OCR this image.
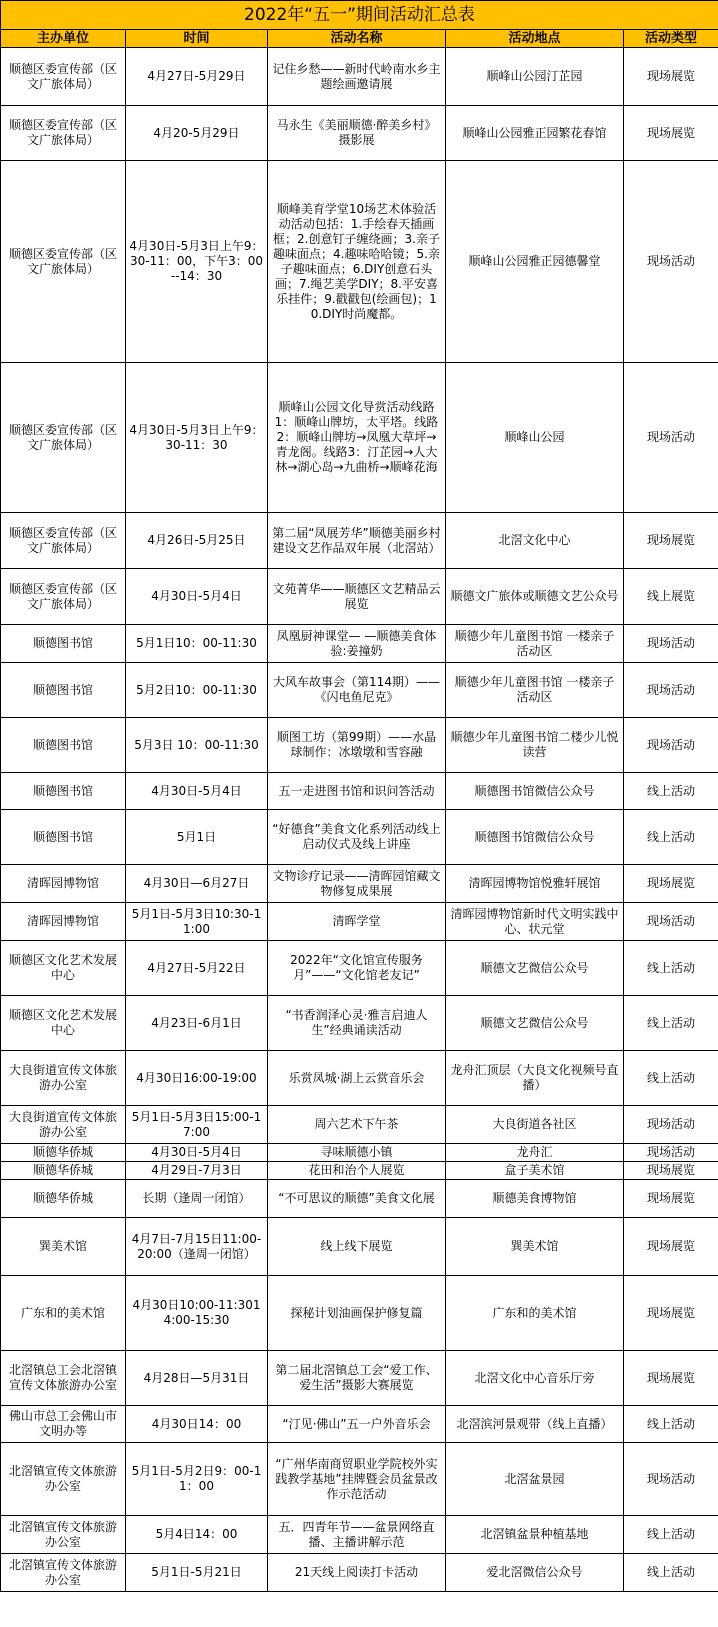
2022年“五一”期间活动汇总表				
主办单位	时间	活动名称	活动地点	活动类型
顺德区委宣传部（区文广旅体局）	4月27日-5月29日	记住乡愁——新时代岭南水乡主题绘画邀请展	顺峰山公园汀芷园	现场展览
顺德区委宣传部（区文广旅体局）	4月20-5月29日	马永生《美丽顺德·醉美乡村》摄影展	顺峰山公园雅正园繁花春馆	现场展览
顺德区委宣传部（区文广旅体局）	4月30日-5月3日上午9：30-11：00，下午3：00--14：30	顺峰美育学堂10场艺术体验活动活动包括：1.手绘春天插画框；2.创意钉子缠绕画；3.亲子趣味面点；4.趣味哈哈镜；5.亲子趣味面点；6.DIY创意石头画；7.绳艺美学DIY；8.平安喜乐挂件；9.戳戳包(绘画包)；10.DIY时尚魔都。	顺峰山公园雅正园德馨堂	现场活动
顺德区委宣传部（区文广旅体局）	4月30日-5月3日上午9：30-11：30	顺峰山公园文化导赏活动线路1：顺峰山牌坊，太平塔。线路2：顺峰山牌坊→凤凰大草坪→青龙阁。线路3：汀芷园→人大林→湖心岛→九曲桥→顺峰花海	顺峰山公园	现场活动
顺德区委宣传部（区文广旅体局）	4月26日-5月25日	第二届“凤展芳华”顺德美丽乡村建设文艺作品双年展（北滘站）	北滘文化中心	现场展览
顺德区委宣传部（区文广旅体局）	4月30日-5月4日	文苑菁华——顺德区文艺精品云展览	顺德文广旅体或顺德文艺公众号	线上展览
顺德图书馆	5月1日10：00-11:30	凤凰厨神课堂— —顺德美食体验:姜撞奶	顺德少年儿童图书馆 一楼亲子活动区	现场活动
顺德图书馆	5月2日10：00-11:30	大风车故事会（第114期）——《闪电鱼尼克》	顺德少年儿童图书馆 一楼亲子活动区	现场活动
顺德图书馆	5月3日 10：00-11:30	顺图工坊（第99期）——水晶球制作：冰墩墩和雪容融	顺德少年儿童图书馆二楼少儿悦读营	现场活动
顺德图书馆	4月30日-5月4日	五一走进图书馆和识问答活动	顺德图书馆微信公众号	线上活动
顺德图书馆	5月1日	“好德食”美食文化系列活动线上启动仪式及线上讲座	顺德图书馆微信公众号	线上活动
清晖园博物馆	4月30日—6月27日	文物诊疗记录——清晖园馆藏文物修复成果展	清晖园博物馆悦雅轩展馆	现场展览
清晖园博物馆	5月1日-5月3日10:30-11:00	清晖学堂	清晖园博物馆新时代文明实践中心、状元堂	现场活动
顺德区文化艺术发展中心	4月27日-5月22日	2022年“文化馆宣传服务月”——“文化馆老友记”	顺德文艺微信公众号	线上活动
顺德区文化艺术发展中心	4月23日-6月1日	“书香润泽心灵·雅言启迪人生”经典诵读活动	顺德文艺微信公众号	线上活动
大良街道宣传文体旅游办公室	4月30日16:00-19:00	乐赏凤城·湖上云赏音乐会	龙舟汇顶层（大良文化视频号直播）	线上活动
大良街道宣传文体旅游办公室	5月1日-5月3日15:00-17:00	周六艺术下午茶	大良街道各社区	现场活动
顺德华侨城	4月30日-5月4日	寻味顺德小镇	龙舟汇	现场活动
顺德华侨城	4月29日-7月3日	花田和治个人展览	盒子美术馆	现场展览
顺德华侨城	长期（逢周一闭馆）	“不可思议的顺德”美食文化展	顺德美食博物馆	现场展览
巽美术馆	4月7日-7月15日11:00-20:00（逢周一闭馆）	线上线下展览	巽美术馆	现场展览
广东和的美术馆	4月30日10:00-11:3014:00-15:30	探秘计划油画保护修复篇	广东和的美术馆	现场展览
北滘镇总工会北滘镇宣传文体旅游办公室	4月28日—5月31日	第二届北滘镇总工会“爱工作、爱生活”摄影大赛展览	北滘文化中心音乐厅旁	现场展览
佛山市总工会佛山市文明办等	4月30日14：00	“汀见·佛山”五一户外音乐会	北滘滨河景观带（线上直播）	线上活动
北滘镇宣传文体旅游办公室	5月1日-5月2日9：00-11：00	“广州华南商贸职业学院校外实践教学基地”挂牌暨会员盆景改作示范活动	北滘盆景园	现场活动
北滘镇宣传文体旅游办公室	5月4日14：00	五．四青年节——盆景网络直播、主播讲解示范	北滘镇盆景种植基地	线上活动
北滘镇宣传文体旅游办公室	5月1日-5月21日	21天线上阅读打卡活动	爱北滘微信公众号	线上活动
